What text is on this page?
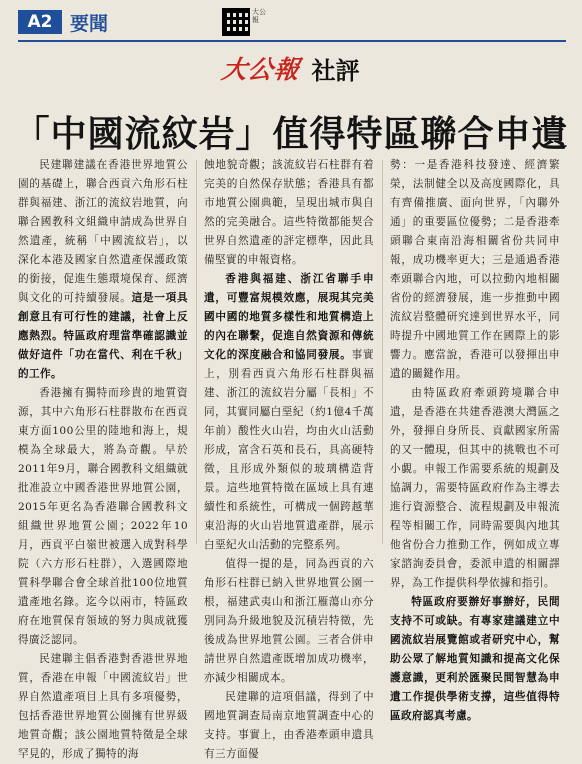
A2 要聞
大公報
大公報 社評
「中國流紋岩」值得特區聯合申遺

民建聯建議在香港世界地質公園的基礎上，聯合西貢六角形石柱群與福建、浙江的流紋岩地質，向聯合國教科文組織申請成為世界自然遺產，統稱「中國流紋岩」，以深化本港及國家自然遺產保護政策的銜接，促進生態環境保育、經濟與文化的可持續發展。這是一項具創意且有可行性的建議，社會上反應熱烈。特區政府理當準確認識並做好這件「功在當代、利在千秋」的工作。

香港擁有獨特而珍貴的地質資源，其中六角形石柱群散布在西貢東方面100公里的陸地和海上，規模為全球最大，將為奇觀。早於2011年9月，聯合國教科文組織就批准設立中國香港世界地質公園，2015年更名為香港聯合國教科文組織世界地質公園；2022年10月，西貢平白嶺世被選入成對科學院（六方形石柱群），入選國際地質科學聯合會全球首批100位地質遺產地名錄。迄今以兩市，特區政府在地質保育領域的努力與成就獲得廣泛認同。

民建聯主倡香港對香港世界地質，香港在申報「中國流紋岩」世界自然遺產項目上具有多項優勢，包括香港世界地質公園擁有世界級地質奇觀；該公園地質特徵是全球罕見的，形成了獨特的海

蝕地貌奇觀；該流紋岩石柱群有着完美的自然保存狀態；香港具有都市地質公園典範，呈現出城市與自然的完美融合。這些特徵都能契合世界自然遺產的評定標準，因此具備堅實的申報資格。

香港與福建、浙江省聯手申遺，可豐富規模效應，展現其完美國中國的地質多樣性和地質構造上的內在聯繫，促進自然資源和傳統文化的深度融合和協同發展。事實上，別看西貢六角形石柱群與福建、浙江的流紋岩分屬「長相」不同，其實同屬白堊紀（約1億4千萬年前）酸性火山岩，均由火山活動形成，富含石英和長石，具高硬特徵，且形成外類似的玻璃構造背景。這些地質特徵在區域上具有連續性和系統性，可構成一個跨越華東沿海的火山岩地質遺產群，展示白堊紀火山活動的完整系列。

值得一提的是，同為西貢的六角形石柱群已納入世界地質公園一根，福建武夷山和浙江雁蕩山亦分別同為升級地貌及沉積岩特徵，先後成為世界地質公園。三者合併申請世界自然遺產既增加成功機率，亦減少相關成本。

民建聯的這項倡議，得到了中國地質調查局南京地質調查中心的支持。事實上，由香港牽頭申遺具有三方面優

勢：一是香港科技發達、經濟繁榮，法制健全以及高度國際化，具有齊備推廣、面向世界，「內聯外通」的重要區位優勢；二是香港牽頭聯合東南沿海相關省份共同申報，成功機率更大；三是通過香港牽頭聯合內地，可以拉動內地相關省份的經濟發展，進一步推動中國流紋岩整體研究達到世界水平，同時提升中國地質工作在國際上的影響力。應當說，香港可以發揮出申遺的關鍵作用。

由特區政府牽頭跨境聯合申遺，是香港在共建香港澳大灣區之外，發揮自身所長、貢獻國家所需的又一體現，但其中的挑戰也不可小覷。申報工作需要系統的規劃及協調力，需要特區政府作為主導去進行資源整合、流程規劃及申報流程等相關工作，同時需要與內地其他省份合力推動工作，例如成立專家諮詢委員會，委派申遺的相關譯界，為工作提供科學依據和指引。

特區政府要辦好事辦好，民間支持不可或缺。有專家建議建立中國流紋岩展覽館或者研究中心，幫助公眾了解地質知識和提高文化保護意識，更利於匯聚民間智慧為申遺工作提供學術支撐，這些值得特區政府認真考慮。
